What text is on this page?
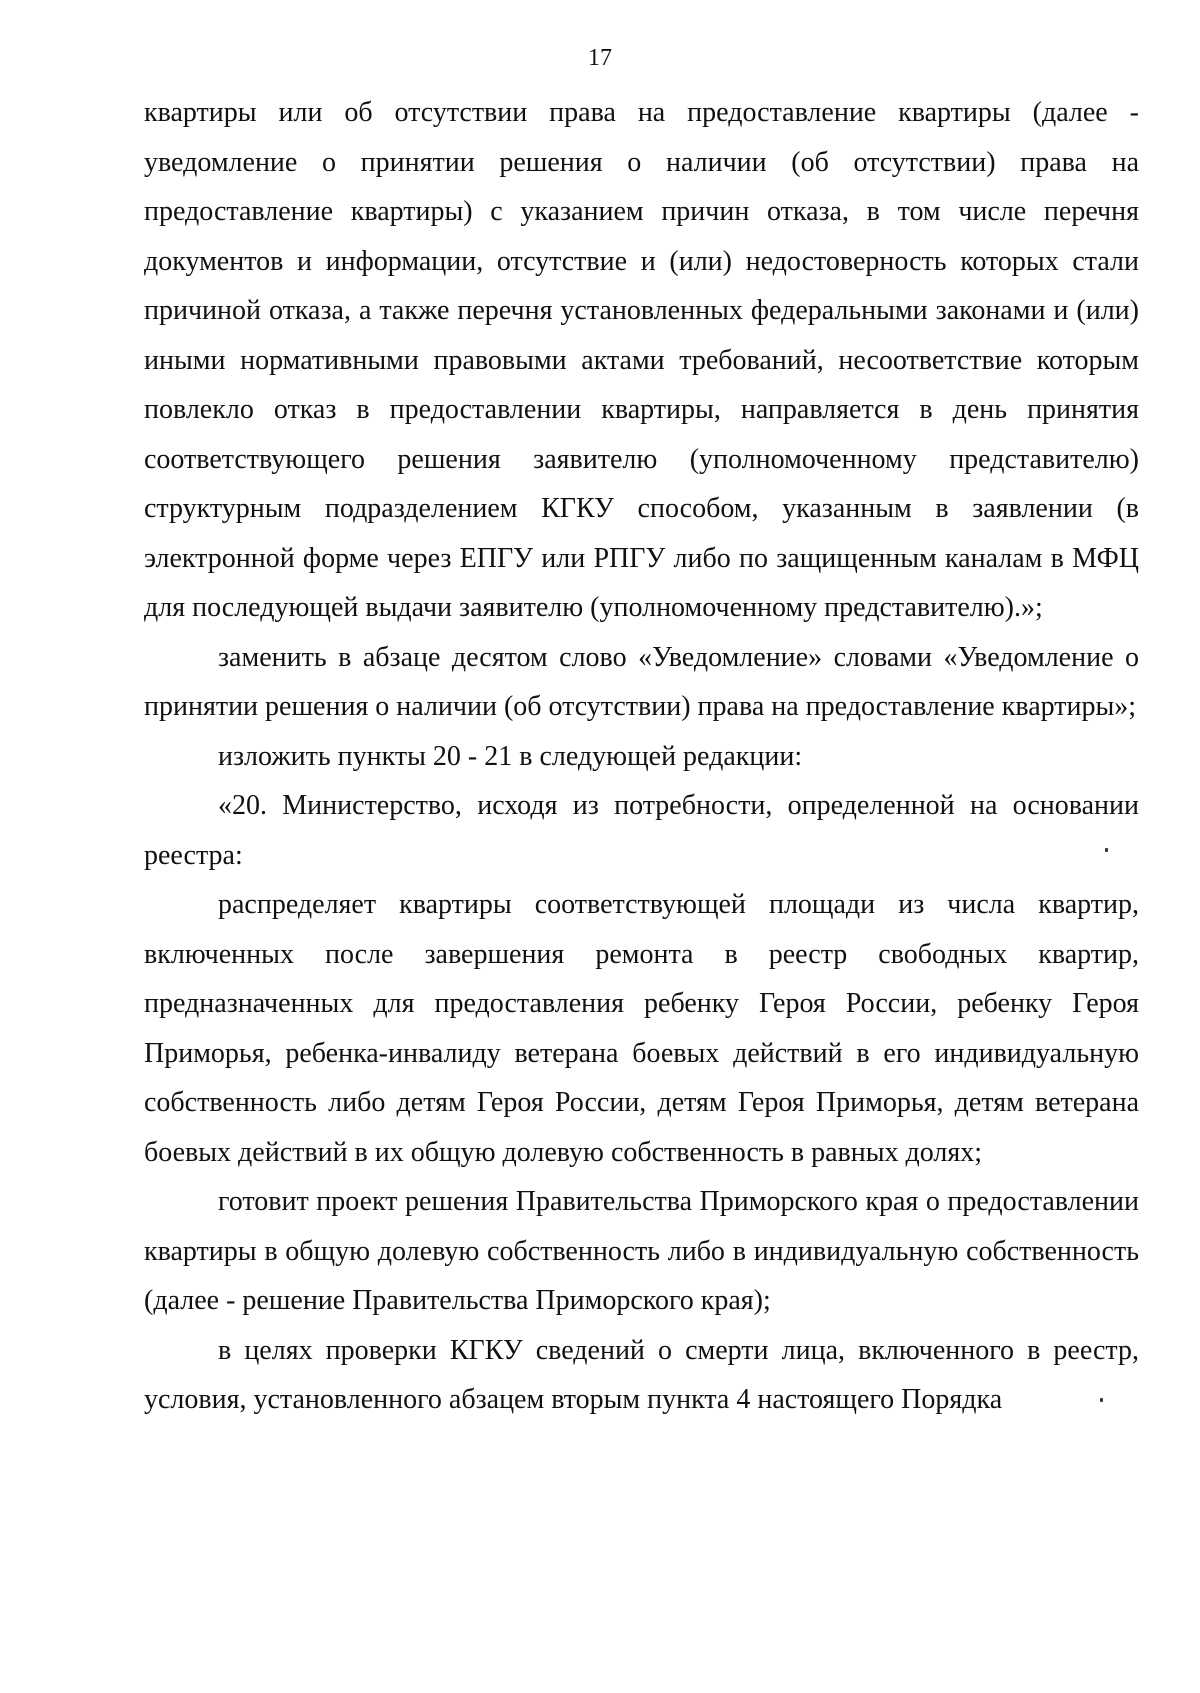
17

квартиры или об отсутствии права на предоставление квартиры (далее - уведомление о принятии решения о наличии (об отсутствии) права на предоставление квартиры) с указанием причин отказа, в том числе перечня документов и информации, отсутствие и (или) недостоверность которых стали причиной отказа, а также перечня установленных федеральными законами и (или) иными нормативными правовыми актами требований, несоответствие которым повлекло отказ в предоставлении квартиры, направляется в день принятия соответствующего решения заявителю (уполномоченному представителю) структурным подразделением КГКУ способом, указанным в заявлении (в электронной форме через ЕПГУ или РПГУ либо по защищенным каналам в МФЦ для последующей выдачи заявителю (уполномоченному представителю).»;

заменить в абзаце десятом слово «Уведомление» словами «Уведомление о принятии решения о наличии (об отсутствии) права на предоставление квартиры»;

изложить пункты 20 - 21 в следующей редакции:

«20. Министерство, исходя из потребности, определенной на основании реестра:

распределяет квартиры соответствующей площади из числа квартир, включенных после завершения ремонта в реестр свободных квартир, предназначенных для предоставления ребенку Героя России, ребенку Героя Приморья, ребенка-инвалиду ветерана боевых действий в его индивидуальную собственность либо детям Героя России, детям Героя Приморья, детям ветерана боевых действий в их общую долевую собственность в равных долях;

готовит проект решения Правительства Приморского края о предоставлении квартиры в общую долевую собственность либо в индивидуальную собственность (далее - решение Правительства Приморского края);

в целях проверки КГКУ сведений о смерти лица, включенного в реестр, условия, установленного абзацем вторым пункта 4 настоящего Порядка
